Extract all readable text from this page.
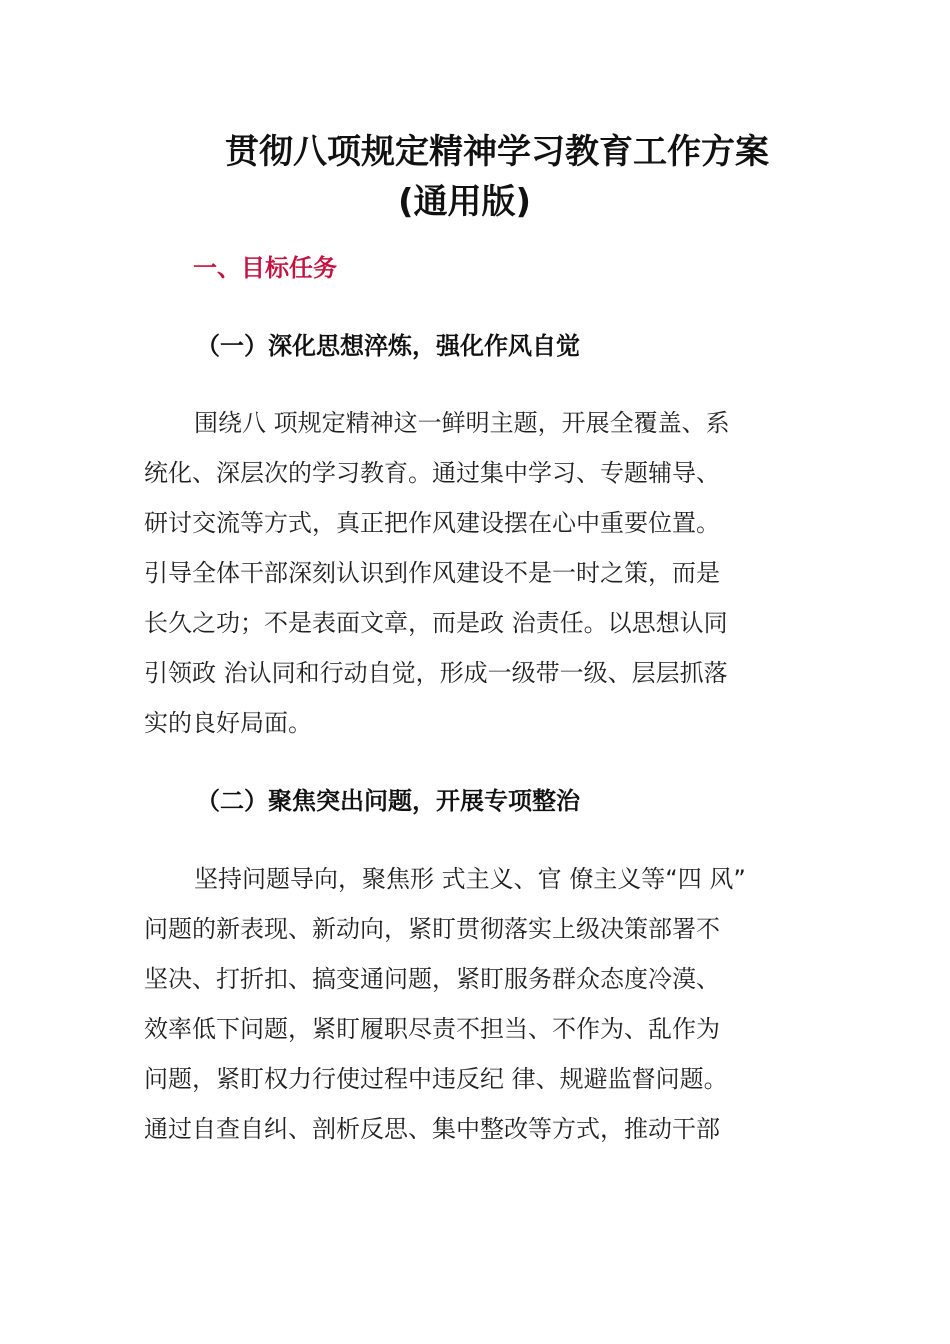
贯彻八项规定精神学习教育工作方案
(通用版)
一、目标任务
（一）深化思想淬炼，强化作风自觉
围绕八 项规定精神这一鲜明主题，开展全覆盖、系
统化、深层次的学习教育。通过集中学习、专题辅导、
研讨交流等方式，真正把作风建设摆在心中重要位置。
引导全体干部深刻认识到作风建设不是一时之策，而是
长久之功；不是表面文章，而是政 治责任。以思想认同
引领政 治认同和行动自觉，形成一级带一级、层层抓落
实的良好局面。
（二）聚焦突出问题，开展专项整治
坚持问题导向，聚焦形 式主义、官 僚主义等“四 风”
问题的新表现、新动向，紧盯贯彻落实上级决策部署不
坚决、打折扣、搞变通问题，紧盯服务群众态度冷漠、
效率低下问题，紧盯履职尽责不担当、不作为、乱作为
问题，紧盯权力行使过程中违反纪 律、规避监督问题。
通过自查自纠、剖析反思、集中整改等方式，推动干部
